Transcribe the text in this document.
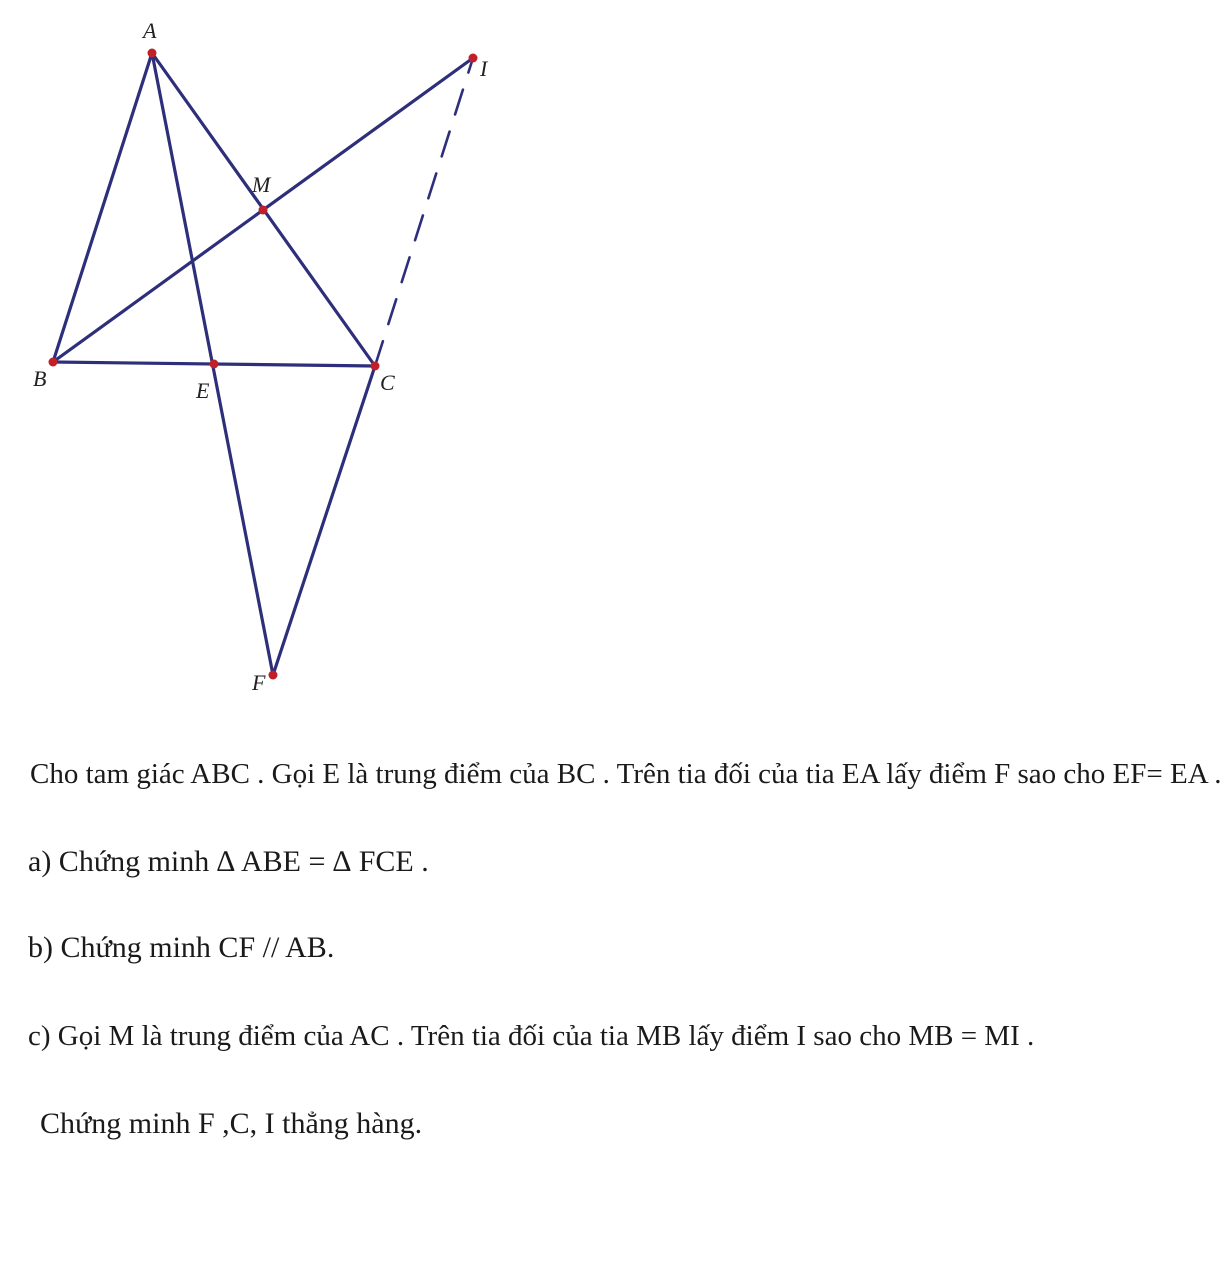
A
B	C
E
M
I
F
Cho tam giác ABC . Gọi E là trung điểm của BC . Trên tia đối của tia EA lấy điểm F sao cho EF= EA .
a) Chứng minh ∆ ABE = ∆ FCE .
b) Chứng minh CF // AB.
c) Gọi M là trung điểm của AC . Trên tia đối của tia MB lấy điểm I sao cho MB = MI .
Chứng minh F ,C, I thẳng hàng.
